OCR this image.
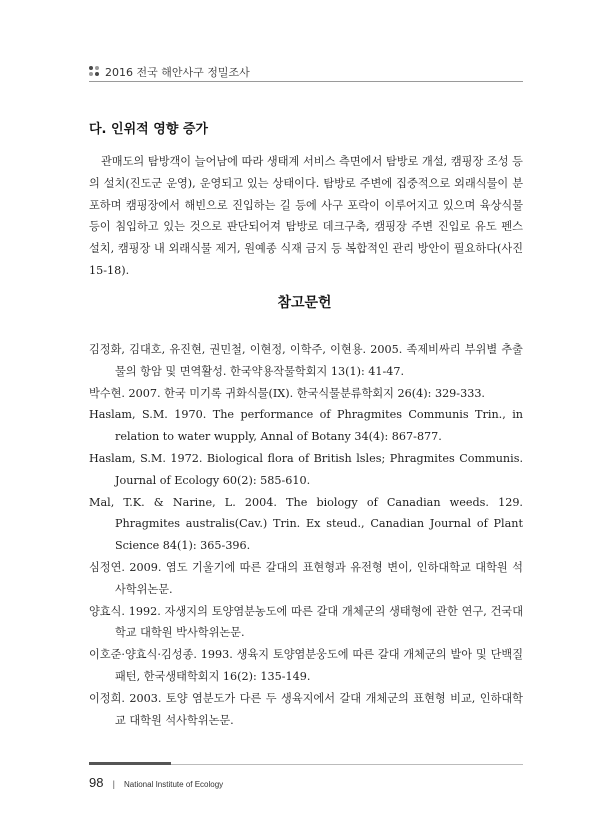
2016 전국 해안사구 정밀조사
다. 인위적 영향 증가

관매도의 탐방객이 늘어남에 따라 생태계 서비스 측면에서 탐방로 개설, 캠핑장 조성 등의 설치(진도군 운영), 운영되고 있는 상태이다. 탐방로 주변에 집중적으로 외래식물이 분포하며 캠핑장에서 해빈으로 진입하는 길 등에 사구 포락이 이루어지고 있으며 육상식물 등이 침입하고 있는 것으로 판단되어져 탐방로 데크구축, 캠핑장 주변 진입로 유도 펜스 설치, 캠핑장 내 외래식물 제거, 원예종 식재 금지 등 복합적인 관리 방안이 필요하다(사진 15-18).

참고문헌
김정화, 김대호, 유진현, 권민철, 이현정, 이학주, 이현용. 2005. 족제비싸리 부위별 추출물의 항암 및 면역활성. 한국약용작물학회지 13(1): 41-47.
박수현. 2007. 한국 미기록 귀화식물(IX). 한국식물분류학회지 26(4): 329-333.
Haslam, S.M. 1970. The performance of Phragmites Communis Trin., in relation to water wupply, Annal of Botany 34(4): 867-877.
Haslam, S.M. 1972. Biological flora of British lsles; Phragmites Communis. Journal of Ecology 60(2): 585-610.
Mal, T.K. & Narine, L. 2004. The biology of Canadian weeds. 129. Phragmites australis(Cav.) Trin. Ex steud., Canadian Journal of Plant Science 84(1): 365-396.
심정연. 2009. 염도 기울기에 따른 갈대의 표현형과 유전형 변이, 인하대학교 대학원 석사학위논문.
양효식. 1992. 자생지의 토양염분농도에 따른 갈대 개체군의 생태형에 관한 연구, 건국대학교 대학원 박사학위논문.
이호준·양효식·김성종. 1993. 생육지 토양염분웅도에 따른 갈대 개체군의 발아 및 단백질 패턴, 한국생태학회지 16(2): 135-149.
이정희. 2003. 토양 염분도가 다른 두 생육지에서 갈대 개체군의 표현형 비교, 인하대학교 대학원 석사학위논문.
98 | National Institute of Ecology
